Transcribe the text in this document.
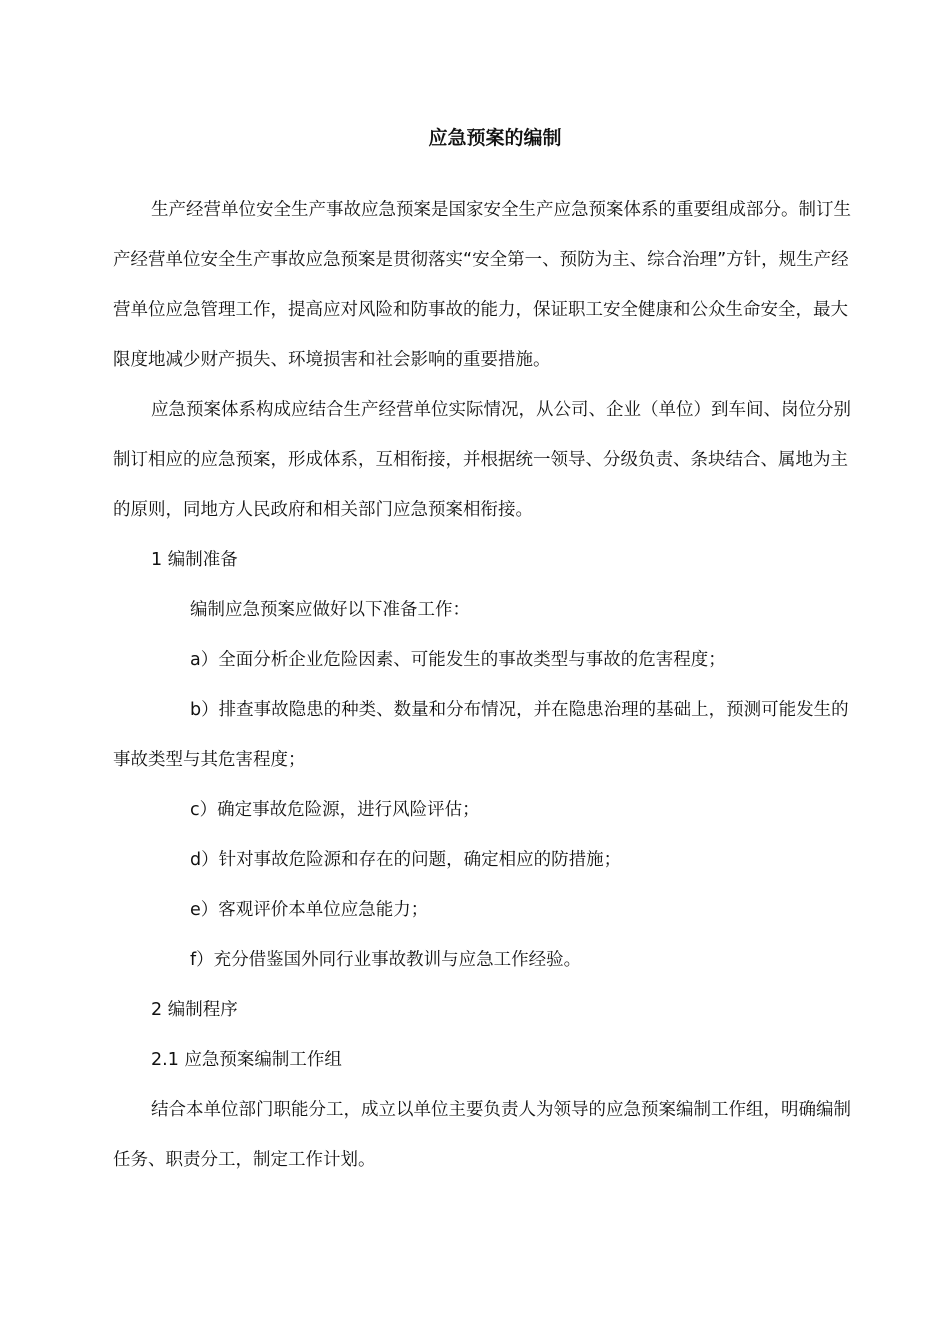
应急预案的编制

生产经营单位安全生产事故应急预案是国家安全生产应急预案体系的重要组成部分。制订生产经营单位安全生产事故应急预案是贯彻落实“安全第一、预防为主、综合治理”方针，规生产经营单位应急管理工作，提高应对风险和防事故的能力，保证职工安全健康和公众生命安全，最大限度地减少财产损失、环境损害和社会影响的重要措施。

应急预案体系构成应结合生产经营单位实际情况，从公司、企业（单位）到车间、岗位分别制订相应的应急预案，形成体系，互相衔接，并根据统一领导、分级负责、条块结合、属地为主的原则，同地方人民政府和相关部门应急预案相衔接。

1 编制准备

编制应急预案应做好以下准备工作：

a）全面分析企业危险因素、可能发生的事故类型与事故的危害程度；

b）排查事故隐患的种类、数量和分布情况，并在隐患治理的基础上，预测可能发生的事故类型与其危害程度；

c）确定事故危险源，进行风险评估；

d）针对事故危险源和存在的问题，确定相应的防措施；

e）客观评价本单位应急能力；

f）充分借鉴国外同行业事故教训与应急工作经验。

2 编制程序

2.1 应急预案编制工作组

结合本单位部门职能分工，成立以单位主要负责人为领导的应急预案编制工作组，明确编制任务、职责分工，制定工作计划。
